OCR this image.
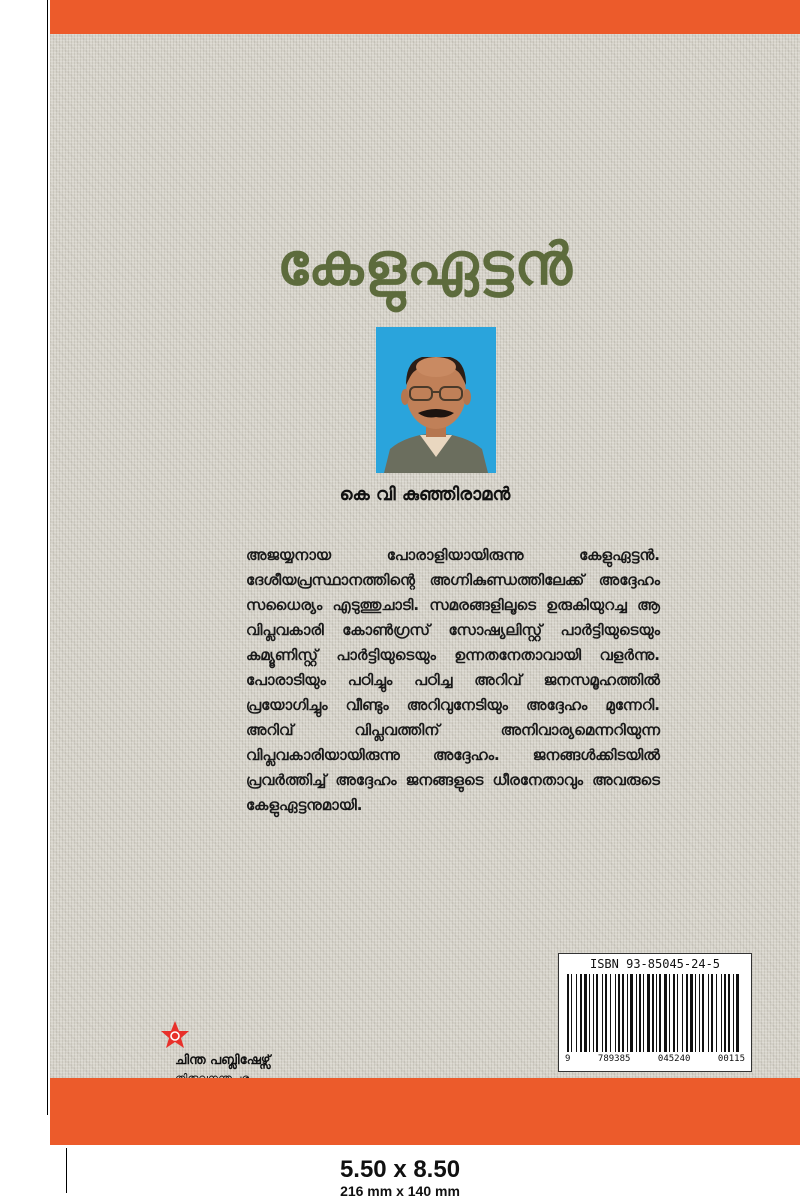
കേളുഏട്ടൻ
കെ വി കുഞ്ഞിരാമൻ

അജയ്യനായ പോരാളിയായിരുന്നു കേളുഏട്ടൻ. ദേശീയപ്രസ്ഥാനത്തിന്റെ അഗ്നികുണ്ഡത്തിലേക്ക് അദ്ദേഹം സധൈര്യം എടുത്തുചാടി. സമരങ്ങളിലൂടെ ഉരുകിയുറച്ച ആ വിപ്ലവകാരി കോൺഗ്രസ് സോഷ്യലിസ്റ്റ് പാർട്ടിയുടെയും കമ്യൂണിസ്റ്റ് പാർട്ടിയുടെയും ഉന്നതനേതാവായി വളർന്നു. പോരാടിയും പഠിച്ചും പഠിച്ച അറിവ് ജനസമൂഹത്തിൽ പ്രയോഗിച്ചും വീണ്ടും അറിവുനേടിയും അദ്ദേഹം മുന്നേറി. അറിവ് വിപ്ലവത്തിന് അനിവാര്യമെന്നറിയുന്ന വിപ്ലവകാരിയായിരുന്നു അദ്ദേഹം. ജനങ്ങൾക്കിടയിൽ പ്രവർത്തിച്ച് അദ്ദേഹം ജനങ്ങളുടെ ധീരനേതാവും അവരുടെ കേളുഏട്ടനുമായി.

ISBN 93-85045-24-5
9	789385	045240	00115
ചിന്ത പബ്ലിഷേഴ്സ്
5.50 x 8.50
216 mm x 140 mm
